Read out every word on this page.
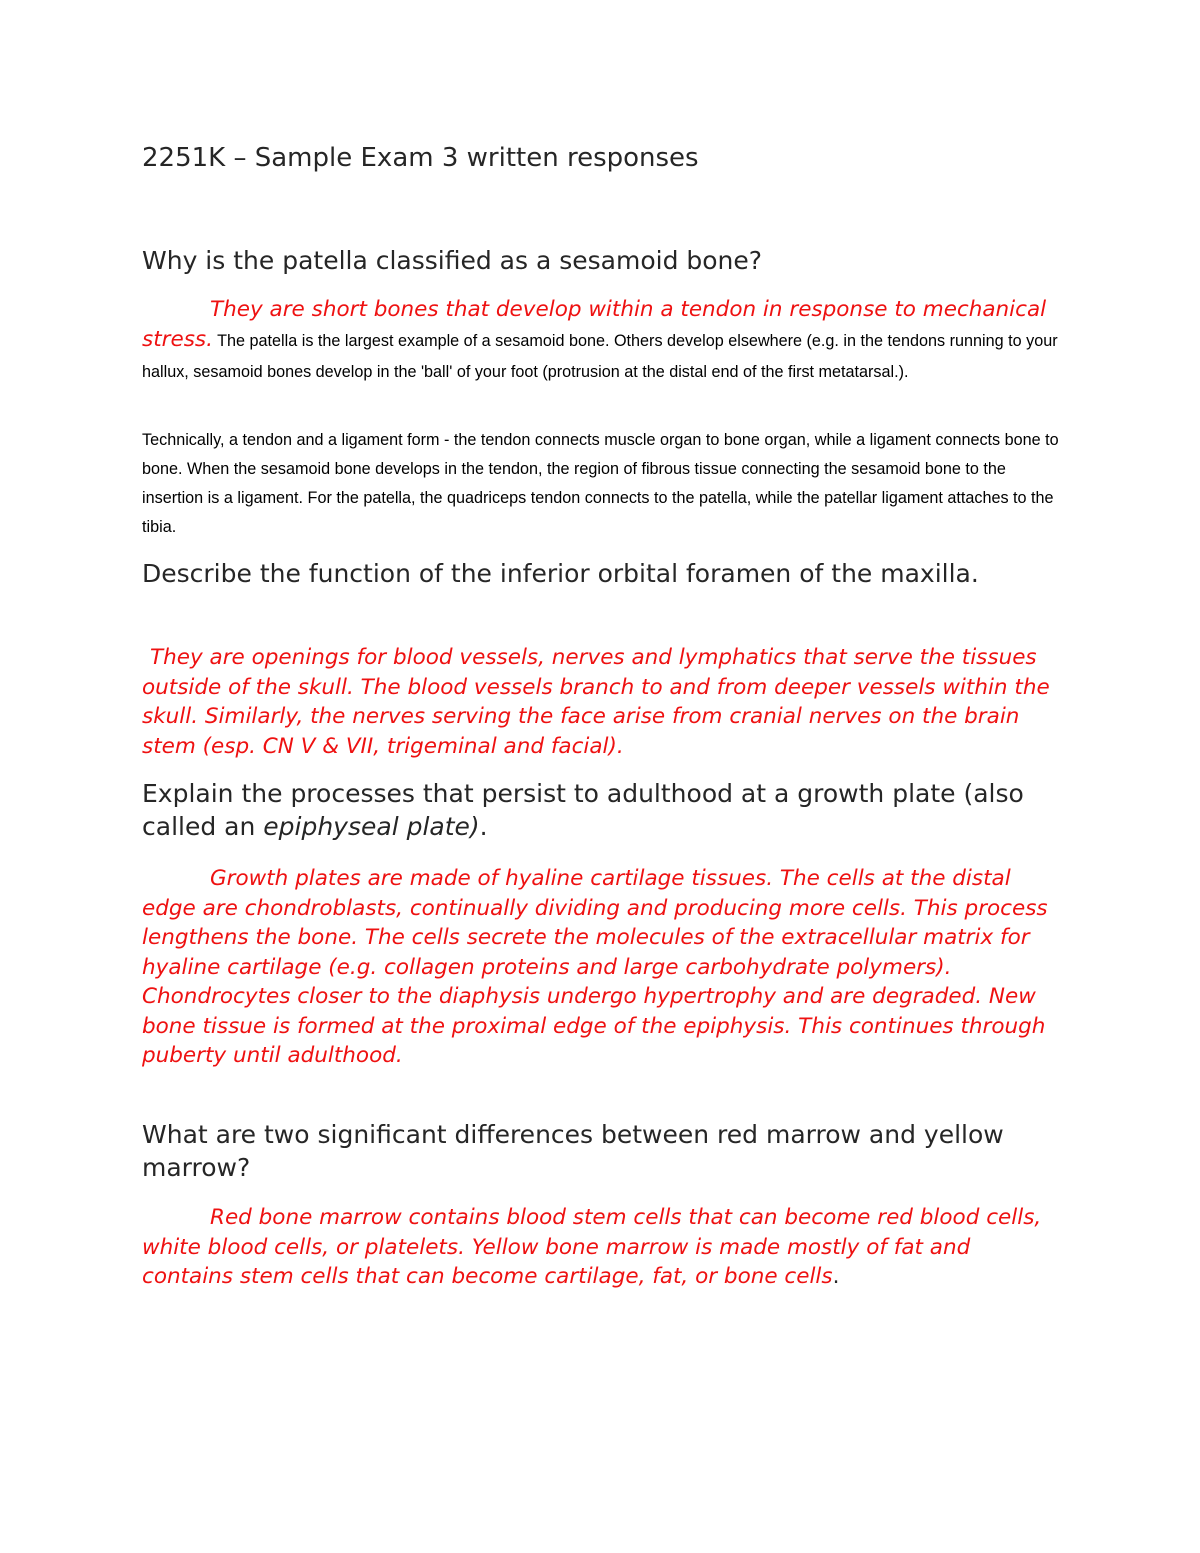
2251K – Sample Exam 3 written responses
Why is the patella classified as a sesamoid bone?

They are short bones that develop within a tendon in response to mechanical stress. The patella is the largest example of a sesamoid bone. Others develop elsewhere (e.g. in the tendons running to your hallux, sesamoid bones develop in the 'ball' of your foot (protrusion at the distal end of the first metatarsal.).

Technically, a tendon and a ligament form - the tendon connects muscle organ to bone organ, while a ligament connects bone to bone. When the sesamoid bone develops in the tendon, the region of fibrous tissue connecting the sesamoid bone to the insertion is a ligament. For the patella, the quadriceps tendon connects to the patella, while the patellar ligament attaches to the tibia.

Describe the function of the inferior orbital foramen of the maxilla.

They are openings for blood vessels, nerves and lymphatics that serve the tissues outside of the skull. The blood vessels branch to and from deeper vessels within the skull. Similarly, the nerves serving the face arise from cranial nerves on the brain stem (esp. CN V & VII, trigeminal and facial).

Explain the processes that persist to adulthood at a growth plate (also called an epiphyseal plate).

Growth plates are made of hyaline cartilage tissues. The cells at the distal edge are chondroblasts, continually dividing and producing more cells. This process lengthens the bone. The cells secrete the molecules of the extracellular matrix for hyaline cartilage (e.g. collagen proteins and large carbohydrate polymers). Chondrocytes closer to the diaphysis undergo hypertrophy and are degraded. New bone tissue is formed at the proximal edge of the epiphysis. This continues through puberty until adulthood.

What are two significant differences between red marrow and yellow marrow?

Red bone marrow contains blood stem cells that can become red blood cells, white blood cells, or platelets. Yellow bone marrow is made mostly of fat and contains stem cells that can become cartilage, fat, or bone cells.
